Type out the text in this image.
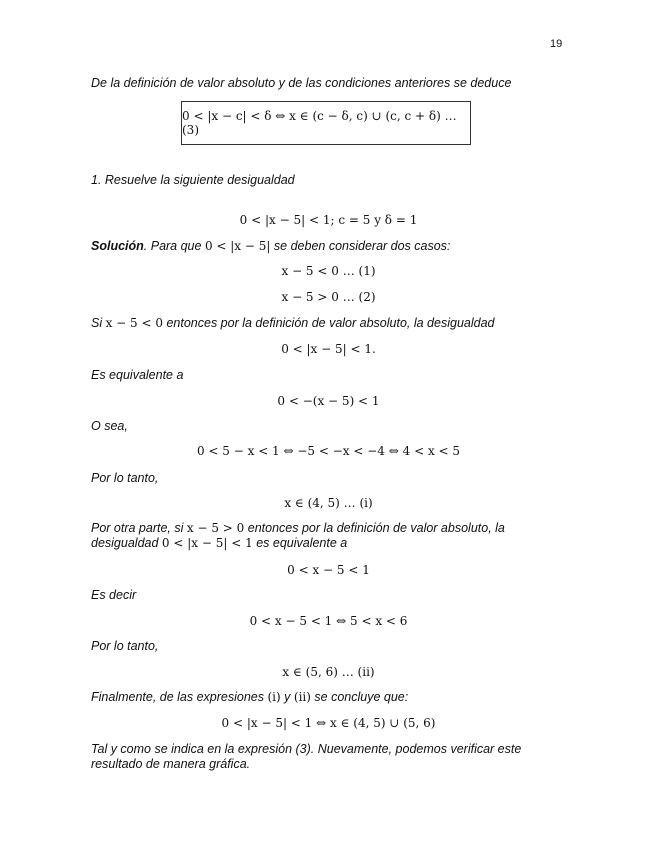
19
De la definición de valor absoluto y de las condiciones anteriores se deduce
0 < |x − c| < δ ⇔ x ∈ (c − δ, c) ∪ (c, c + δ) … (3)
1. Resuelve la siguiente desigualdad
0 < |x − 5| < 1; c = 5 y δ = 1
Solución. Para que 0 < |x − 5| se deben considerar dos casos:
x − 5 < 0 … (1)
x − 5 > 0 … (2)
Si x − 5 < 0 entonces por la definición de valor absoluto, la desigualdad
0 < |x − 5| < 1.
Es equivalente a
0 < −(x − 5) < 1
O sea,
0 < 5 − x < 1 ⇔ −5 < −x < −4 ⇔ 4 < x < 5
Por lo tanto,
x ∈ (4, 5) … (i)
Por otra parte, si x − 5 > 0 entonces por la definición de valor absoluto, la
desigualdad 0 < |x − 5| < 1 es equivalente a
0 < x − 5 < 1
Es decir
0 < x − 5 < 1 ⇔ 5 < x < 6
Por lo tanto,
x ∈ (5, 6) … (ii)
Finalmente, de las expresiones (i) y (ii) se concluye que:
0 < |x − 5| < 1 ⇔ x ∈ (4, 5) ∪ (5, 6)
Tal y como se indica en la expresión (3). Nuevamente, podemos verificar este
resultado de manera gráfica.
